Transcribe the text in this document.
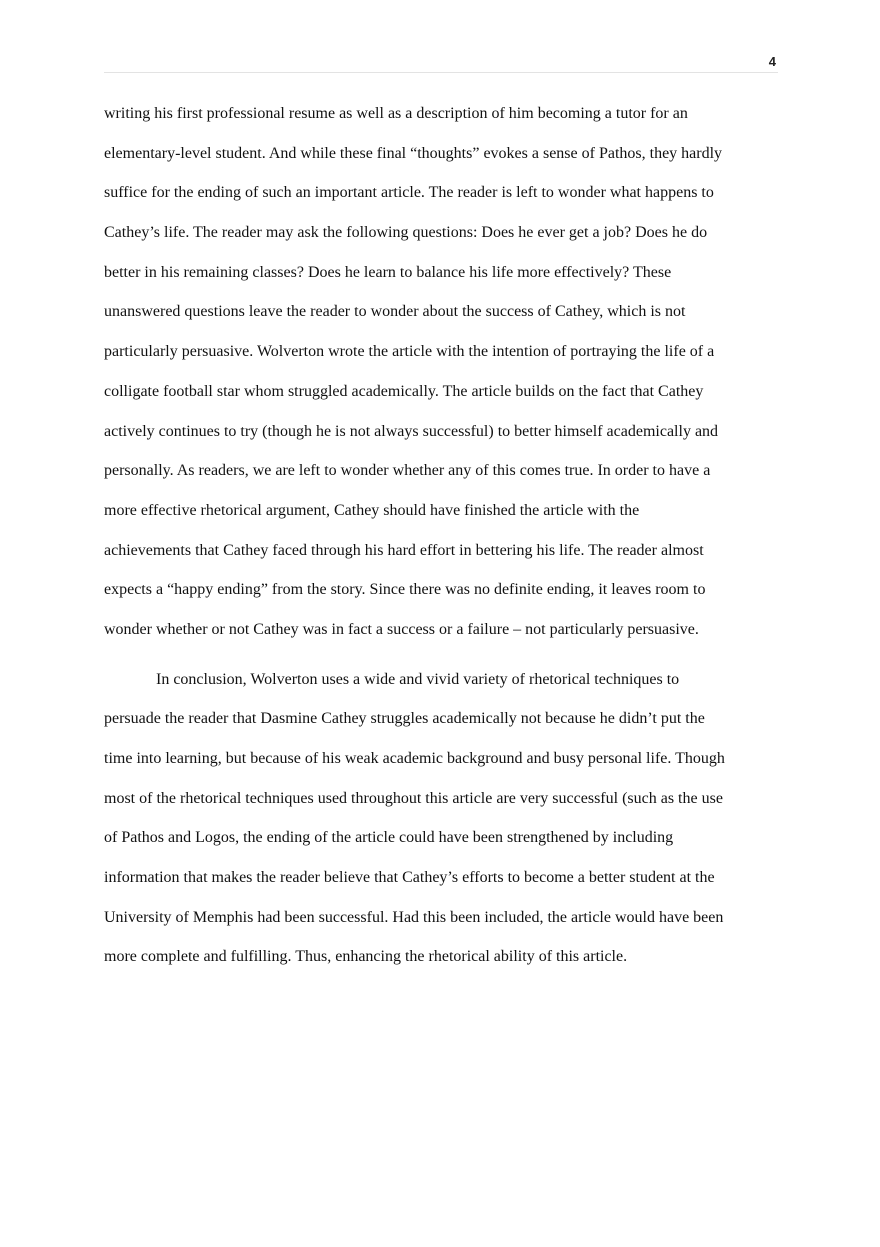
4
writing his first professional resume as well as a description of him becoming a tutor for an
elementary-level student. And while these final “thoughts” evokes a sense of Pathos, they hardly
suffice for the ending of such an important article. The reader is left to wonder what happens to
Cathey’s life. The reader may ask the following questions: Does he ever get a job? Does he do
better in his remaining classes? Does he learn to balance his life more effectively? These
unanswered questions leave the reader to wonder about the success of Cathey, which is not
particularly persuasive. Wolverton wrote the article with the intention of portraying the life of a
colligate football star whom struggled academically. The article builds on the fact that Cathey
actively continues to try (though he is not always successful) to better himself academically and
personally. As readers, we are left to wonder whether any of this comes true. In order to have a
more effective rhetorical argument, Cathey should have finished the article with the
achievements that Cathey faced through his hard effort in bettering his life. The reader almost
expects a “happy ending” from the story. Since there was no definite ending, it leaves room to
wonder whether or not Cathey was in fact a success or a failure – not particularly persuasive.
In conclusion, Wolverton uses a wide and vivid variety of rhetorical techniques to
persuade the reader that Dasmine Cathey struggles academically not because he didn’t put the
time into learning, but because of his weak academic background and busy personal life. Though
most of the rhetorical techniques used throughout this article are very successful (such as the use
of Pathos and Logos, the ending of the article could have been strengthened by including
information that makes the reader believe that Cathey’s efforts to become a better student at the
University of Memphis had been successful. Had this been included, the article would have been
more complete and fulfilling. Thus, enhancing the rhetorical ability of this article.
